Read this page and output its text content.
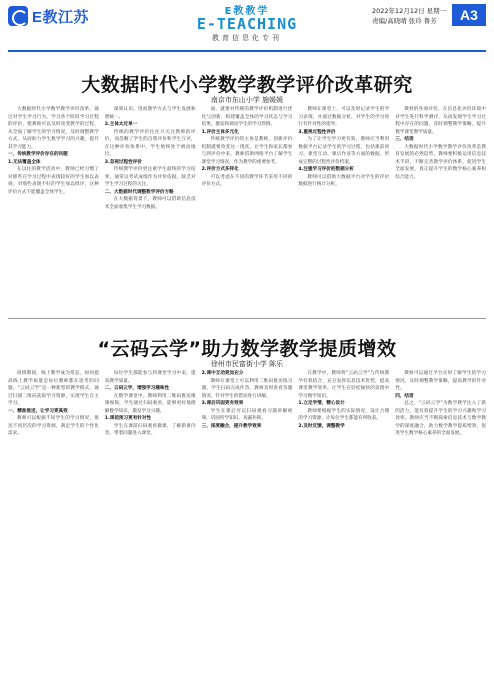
E教江苏	E教教学
E-TEACHING
教育信息化专刊
2022年12月12日 星期一
责编/高晓晴 张玲 鲁芳	A3
大数据时代小学数学教学评价改革研究
南京市东山小学 施媛媛

大数据时代小学数学教学评价改革，通过对学生学习行为、学习各个阶段学习过程的评价，使教师可以及时改变教学的过程，从全面了解学生的学习情况，及时调整教学方式，从而助力学生数学学习的兴趣，提升其学习能力。

一、传统教学评价存在的问题

1.无法覆盖全体

在以往的教学活动中，教师已经习惯了对那些在学习过程中表现较好的学生加以表扬，对那些表现不好的学生加以批评，这种评价方式不能覆盖全体学生。

深刻认识，进而教学方式与学生发展和谐统一。

2.主体太过单一

传统的教学评价往往只关注教师的评价，而忽略了学生的自我评价和学生互评，在这种评价体系中，学生始终处于被动地位。

3.忽视过程性评价

传统教学评价更注重学生最终的学习结果，通常以考试成绩作为评价依据，缺乏对学生学习过程的关注。

二、大数据时代调整数学评价方略

在大数据背景下，教师可以借助信息技术全面收集学生学习数据。

面，就要对传统的教学评价机制进行优化与创新，构建覆盖全体的学习状态与学习结果，激发和调动学生的学习热情。

1.评价主体多元化

传统教学评价的主体是教师，创新评价机制就要改变这一现状，让学生和家长都参与到评价中来，教师借助网络平台了解学生课堂学习情况，作为教学的重要参考。

2.评价方式多样化

可以考虑在不同的教学环节采用不同的评价方式。

教师在课堂上，可以及时记录学生的学习表现，并通过数据分析，对学生的学习进行有针对性的指导。

3.重视过程性评价

为了让学生学习更有效，教师应当利用数据平台记录学生的学习过程，包括课前预习、课堂互动、课后作业等方面的数据，形成完整的过程性评价档案。

4.注重学习评价的数据分析

教师可以借助大数据平台对学生的评价数据进行统计分析。

教材的各项评价，在信息化评价环境中对学生进行科学测评，从而发现学生学习过程中存在的问题，及时调整教学策略，提升数学课堂教学质量。

三、结语

大数据时代小学数学教学评价改革是教育发展的必然趋势，教师要积极运用信息技术手段，不断完善教学评价体系，促进学生全面发展，真正提升学生的数学核心素养和综合能力。

“云码云学”助力数学教学提质增效
徐州市民富街小学 陈乐

疫情期间，线上教学成为常态，如何提高线上教学质量是每位教师都在思考的问题。“云码云学”是一种新型的教学模式，通过扫描二维码获取学习资源，实现学生自主学习。

一、精准推送，让学习更高效

教师可以根据不同学生的学习情况，推送不同层次的学习资源，满足学生的个性化需求。

每位学生都能参与到课堂学习中来，提高教学质量。

二、云码云学，增强学习趣味性

在数学课堂中，教师利用二维码推送微课视频，学生通过扫码观看，能够更好地理解数学知识，激发学习兴趣。

1.课前预习更有针对性

学生在课前扫码观看微课，了解新课内容，带着问题进入课堂。

2.课中互动更加充分

教师在课堂上可以利用二维码推送练习题，学生扫码完成作答，教师及时查看答题情况，针对学生的错误进行讲解。

3.课后巩固更有效果

学生在课后可以扫码观看习题讲解视频，巩固所学知识，查漏补缺。

三、深度融合，提升教学效果

在教学中，教师将“云码云学”与传统教学有机结合，充分发挥信息技术优势，提高课堂教学效率，让学生在轻松愉快的氛围中学习数学知识。

1.立足学情，精心设计

教师要根据学生的实际情况，设计合理的学习资源，让每位学生都能有所收获。

2.及时反馈，调整教学

教师可以通过平台实时了解学生的学习情况，及时调整教学策略，提高教学的针对性。

四、结语

总之，“云码云学”为数学教学注入了新的活力，能有效提升学生的学习兴趣和学习效率。教师应当不断探索信息技术与数学教学的深度融合，助力数学教学提质增效，促进学生数学核心素养的全面发展。
